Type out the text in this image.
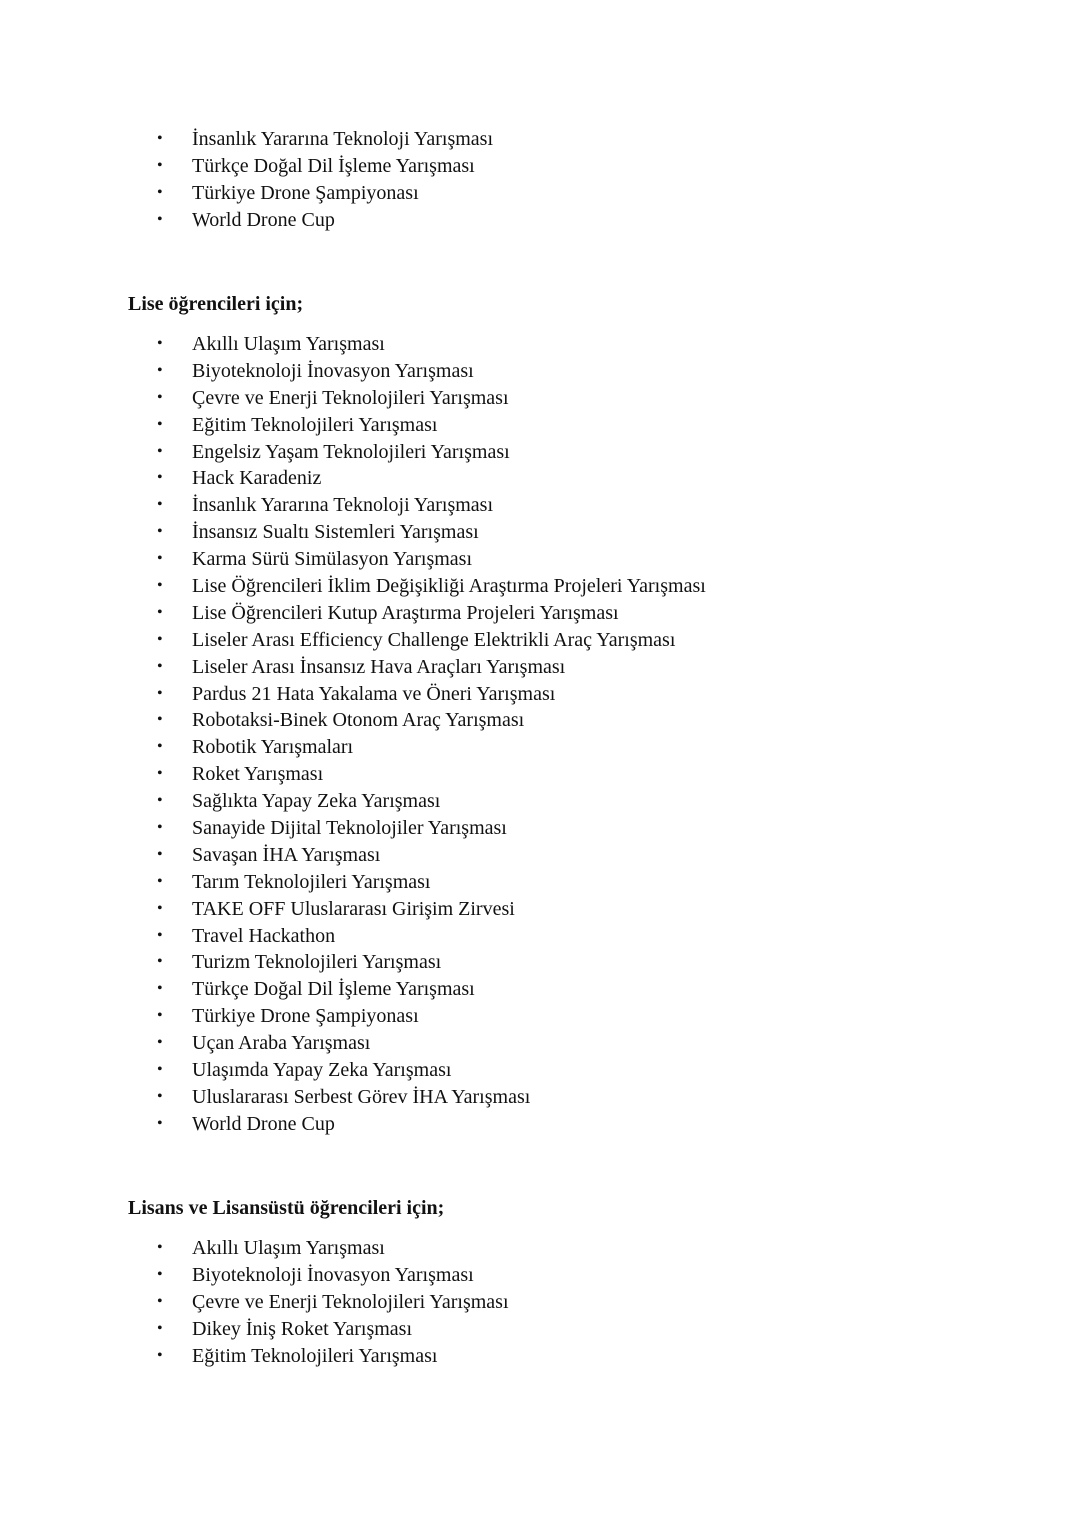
• İnsanlık Yararına Teknoloji Yarışması
• Türkçe Doğal Dil İşleme Yarışması
• Türkiye Drone Şampiyonası
• World Drone Cup
Lise öğrencileri için;
• Akıllı Ulaşım Yarışması
• Biyoteknoloji İnovasyon Yarışması
• Çevre ve Enerji Teknolojileri Yarışması
• Eğitim Teknolojileri Yarışması
• Engelsiz Yaşam Teknolojileri Yarışması
• Hack Karadeniz
• İnsanlık Yararına Teknoloji Yarışması
• İnsansız Sualtı Sistemleri Yarışması
• Karma Sürü Simülasyon Yarışması
• Lise Öğrencileri İklim Değişikliği Araştırma Projeleri Yarışması
• Lise Öğrencileri Kutup Araştırma Projeleri Yarışması
• Liseler Arası Efficiency Challenge Elektrikli Araç Yarışması
• Liseler Arası İnsansız Hava Araçları Yarışması
• Pardus 21 Hata Yakalama ve Öneri Yarışması
• Robotaksi-Binek Otonom Araç Yarışması
• Robotik Yarışmaları
• Roket Yarışması
• Sağlıkta Yapay Zeka Yarışması
• Sanayide Dijital Teknolojiler Yarışması
• Savaşan İHA Yarışması
• Tarım Teknolojileri Yarışması
• TAKE OFF Uluslararası Girişim Zirvesi
• Travel Hackathon
• Turizm Teknolojileri Yarışması
• Türkçe Doğal Dil İşleme Yarışması
• Türkiye Drone Şampiyonası
• Uçan Araba Yarışması
• Ulaşımda Yapay Zeka Yarışması
• Uluslararası Serbest Görev İHA Yarışması
• World Drone Cup
Lisans ve Lisansüstü öğrencileri için;
• Akıllı Ulaşım Yarışması
• Biyoteknoloji İnovasyon Yarışması
• Çevre ve Enerji Teknolojileri Yarışması
• Dikey İniş Roket Yarışması
• Eğitim Teknolojileri Yarışması
